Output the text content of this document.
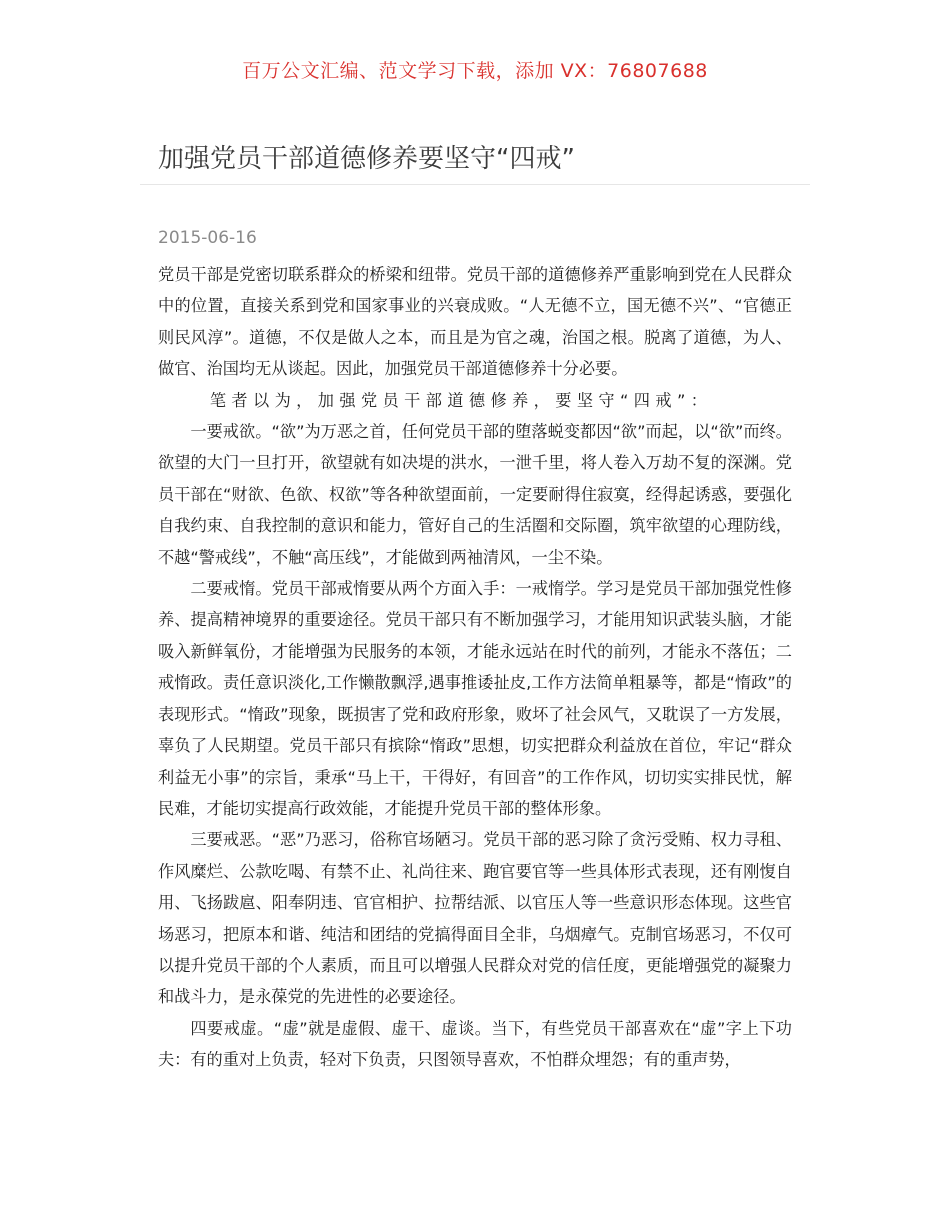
百万公文汇编、范文学习下载，添加 VX：76807688
加强党员干部道德修养要坚守“四戒”
2015-06-16

党员干部是党密切联系群众的桥梁和纽带。党员干部的道德修养严重影响到党在人民群众中的位置，直接关系到党和国家事业的兴衰成败。“人无德不立，国无德不兴”、“官德正则民风淳”。道德，不仅是做人之本，而且是为官之魂，治国之根。脱离了道德，为人、做官、治国均无从谈起。因此，加强党员干部道德修养十分必要。

笔者以为，加强党员干部道德修养，要坚守“四戒”：

一要戒欲。“欲”为万恶之首，任何党员干部的堕落蜕变都因“欲”而起，以“欲”而终。欲望的大门一旦打开，欲望就有如决堤的洪水，一泄千里，将人卷入万劫不复的深渊。党员干部在“财欲、色欲、权欲”等各种欲望面前，一定要耐得住寂寞，经得起诱惑，要强化自我约束、自我控制的意识和能力，管好自己的生活圈和交际圈，筑牢欲望的心理防线，不越“警戒线”，不触“高压线”，才能做到两袖清风，一尘不染。

二要戒惰。党员干部戒惰要从两个方面入手：一戒惰学。学习是党员干部加强党性修养、提高精神境界的重要途径。党员干部只有不断加强学习，才能用知识武装头脑，才能吸入新鲜氧份，才能增强为民服务的本领，才能永远站在时代的前列，才能永不落伍；二戒惰政。责任意识淡化,工作懒散飘浮,遇事推诿扯皮,工作方法简单粗暴等，都是“惰政”的表现形式。“惰政”现象，既损害了党和政府形象，败坏了社会风气，又耽误了一方发展，辜负了人民期望。党员干部只有摈除“惰政”思想，切实把群众利益放在首位，牢记“群众利益无小事”的宗旨，秉承“马上干，干得好，有回音”的工作作风，切切实实排民忧，解民难，才能切实提高行政效能，才能提升党员干部的整体形象。

三要戒恶。“恶”乃恶习，俗称官场陋习。党员干部的恶习除了贪污受贿、权力寻租、作风糜烂、公款吃喝、有禁不止、礼尚往来、跑官要官等一些具体形式表现，还有刚愎自用、飞扬跋扈、阳奉阴违、官官相护、拉帮结派、以官压人等一些意识形态体现。这些官场恶习，把原本和谐、纯洁和团结的党搞得面目全非，乌烟瘴气。克制官场恶习，不仅可以提升党员干部的个人素质，而且可以增强人民群众对党的信任度，更能增强党的凝聚力和战斗力，是永葆党的先进性的必要途径。

四要戒虚。“虚”就是虚假、虚干、虚谈。当下，有些党员干部喜欢在“虚”字上下功夫：有的重对上负责，轻对下负责，只图领导喜欢，不怕群众埋怨；有的重声势，
